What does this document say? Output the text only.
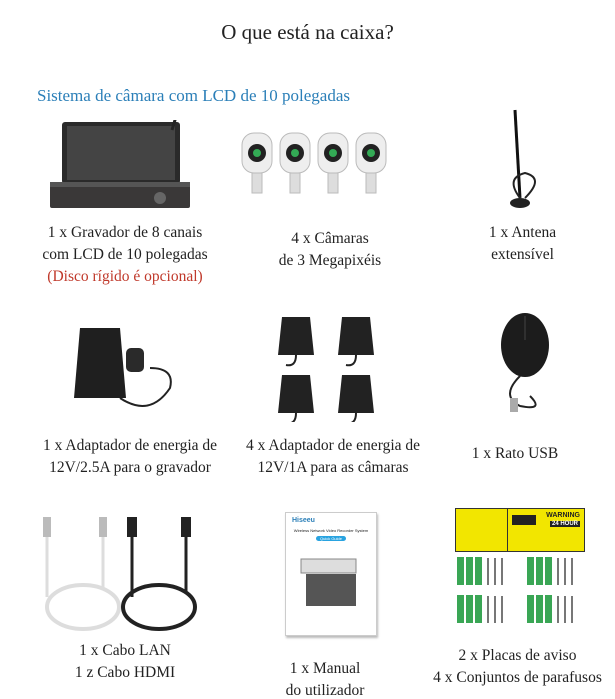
O que está na caixa?
Sistema de câmara com LCD de 10 polegadas
1 x Gravador de 8 canais
com LCD de 10 polegadas
(Disco rígido é opcional)
4 x Câmaras
de 3 Megapixéis
1 x Antena
extensível
1 x Adaptador de energia de
12V/2.5A para o gravador
4 x Adaptador de energia de
12V/1A para as câmaras
1 x Rato USB
Hiseeu
Wireless Network Video Recorder System
Quick Guide
WARNING
24 HOUR
1 x Cabo LAN
1 z Cabo HDMI	1 x Manual
do utilizador
2 x Placas de aviso
4 x Conjuntos de parafusos
